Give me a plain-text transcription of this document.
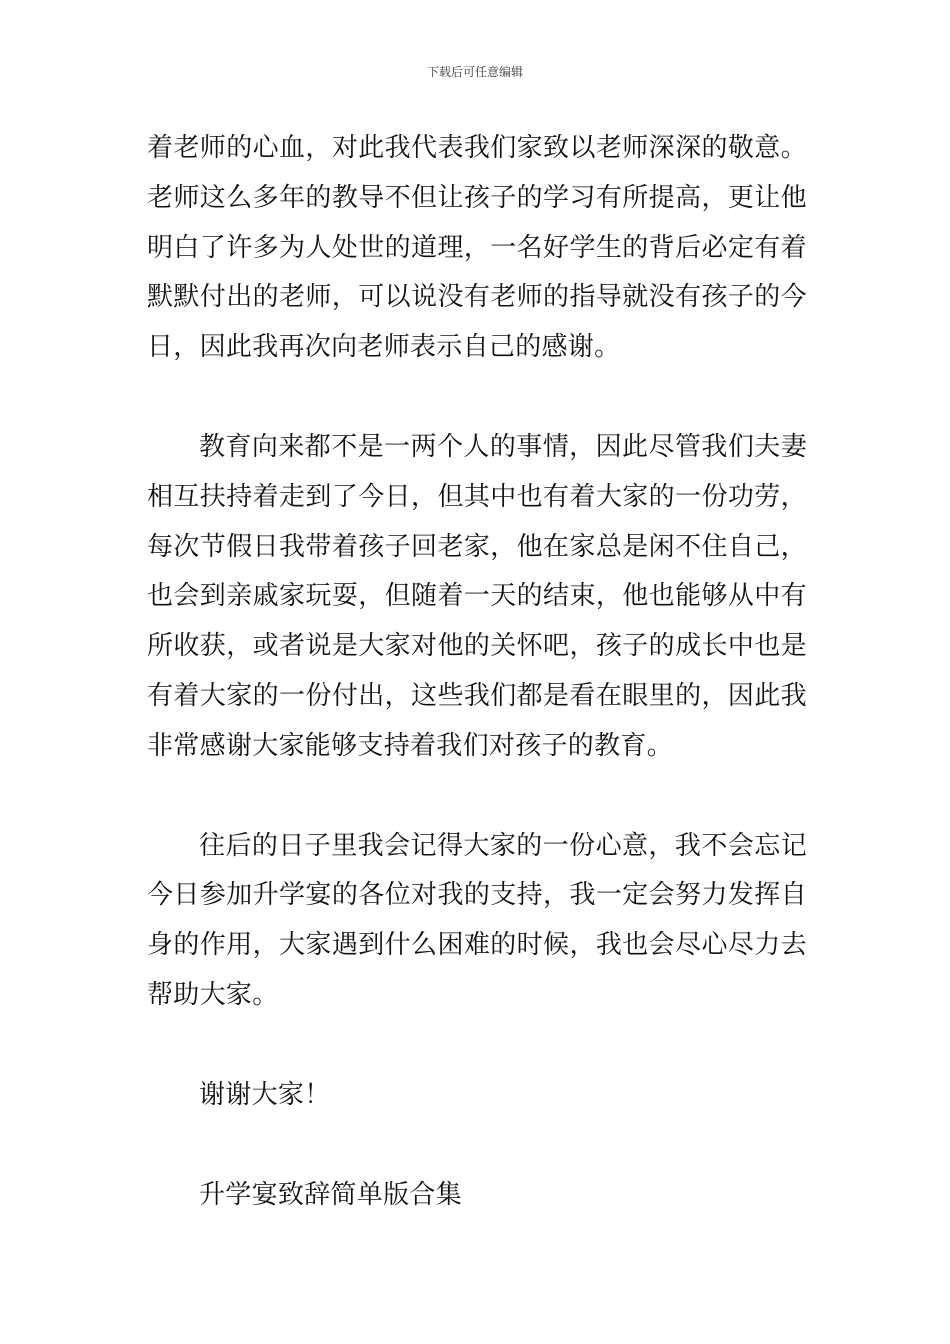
下载后可任意编辑

着老师的心血，对此我代表我们家致以老师深深的敬意。老师这么多年的教导不但让孩子的学习有所提高，更让他明白了许多为人处世的道理，一名好学生的背后必定有着默默付出的老师，可以说没有老师的指导就没有孩子的今日，因此我再次向老师表示自己的感谢。

教育向来都不是一两个人的事情，因此尽管我们夫妻相互扶持着走到了今日，但其中也有着大家的一份功劳，每次节假日我带着孩子回老家，他在家总是闲不住自己，也会到亲戚家玩耍，但随着一天的结束，他也能够从中有所收获，或者说是大家对他的关怀吧，孩子的成长中也是有着大家的一份付出，这些我们都是看在眼里的，因此我非常感谢大家能够支持着我们对孩子的教育。

往后的日子里我会记得大家的一份心意，我不会忘记今日参加升学宴的各位对我的支持，我一定会努力发挥自身的作用，大家遇到什么困难的时候，我也会尽心尽力去帮助大家。

谢谢大家！

升学宴致辞简单版合集
